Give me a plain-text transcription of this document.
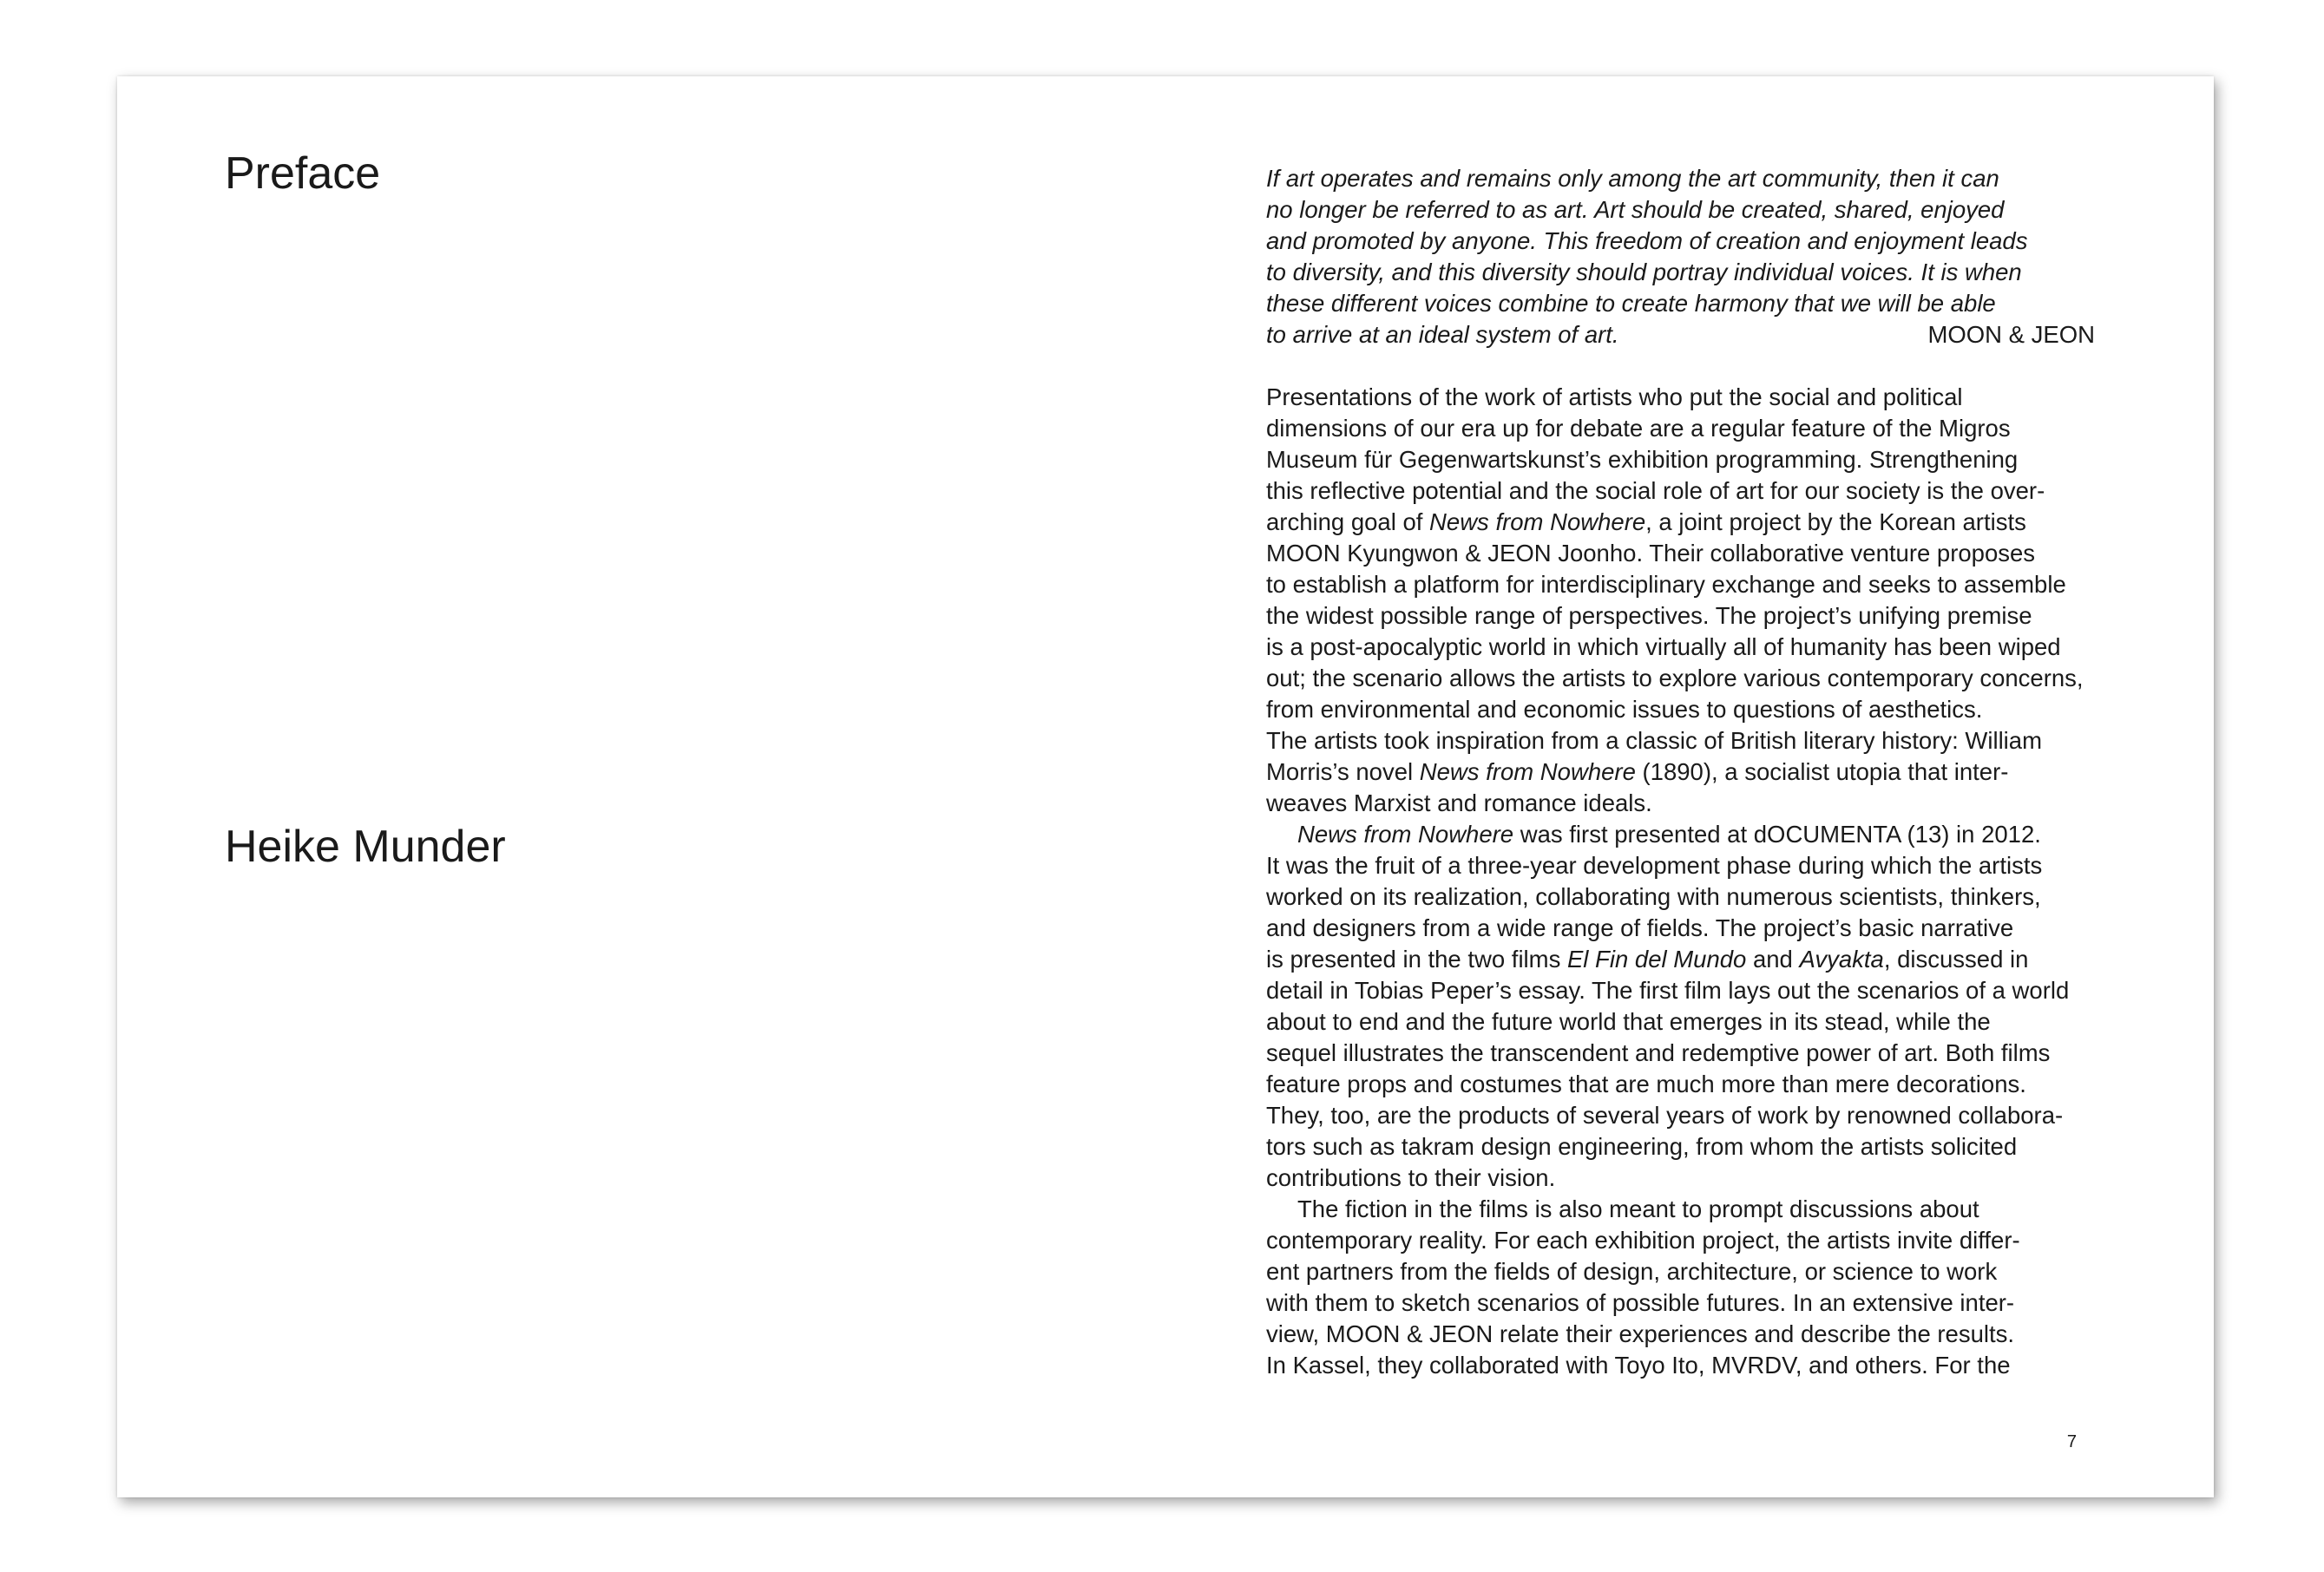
Preface
Heike Munder
If art operates and remains only among the art community, then it can
no longer be referred to as art. Art should be created, shared, enjoyed
and promoted by anyone. This freedom of creation and enjoyment leads
to diversity, and this diversity should portray individual voices. It is when
these different voices combine to create harmony that we will be able
to arrive at an ideal system of art.	MOON & JEON
Presentations of the work of artists who put the social and political
dimensions of our era up for debate are a regular feature of the Migros
Museum für Gegenwartskunst’s exhibition programming. Strengthening
this reflective potential and the social role of art for our society is the over-
arching goal of News from Nowhere, a joint project by the Korean artists
MOON Kyungwon & JEON Joonho. Their collaborative venture proposes
to establish a platform for interdisciplinary exchange and seeks to assemble
the widest possible range of perspectives. The project’s unifying premise
is a post-apocalyptic world in which virtually all of humanity has been wiped
out; the scenario allows the artists to explore various contemporary concerns,
from environmental and economic issues to questions of aesthetics.
The artists took inspiration from a classic of British literary history: William
Morris’s novel News from Nowhere (1890), a socialist utopia that inter-
weaves Marxist and romance ideals.
News from Nowhere was first presented at dOCUMENTA (13) in 2012.
It was the fruit of a three-year development phase during which the artists
worked on its realization, collaborating with numerous scientists, thinkers,
and designers from a wide range of fields. The project’s basic narrative
is presented in the two films El Fin del Mundo and Avyakta, discussed in
detail in Tobias Peper’s essay. The first film lays out the scenarios of a world
about to end and the future world that emerges in its stead, while the
sequel illustrates the transcendent and redemptive power of art. Both films
feature props and costumes that are much more than mere decorations.
They, too, are the products of several years of work by renowned collabora-
tors such as takram design engineering, from whom the artists solicited
contributions to their vision.
The fiction in the films is also meant to prompt discussions about
contemporary reality. For each exhibition project, the artists invite differ-
ent partners from the fields of design, architecture, or science to work
with them to sketch scenarios of possible futures. In an extensive inter-
view, MOON & JEON relate their experiences and describe the results.
In Kassel, they collaborated with Toyo Ito, MVRDV, and others. For the
7
